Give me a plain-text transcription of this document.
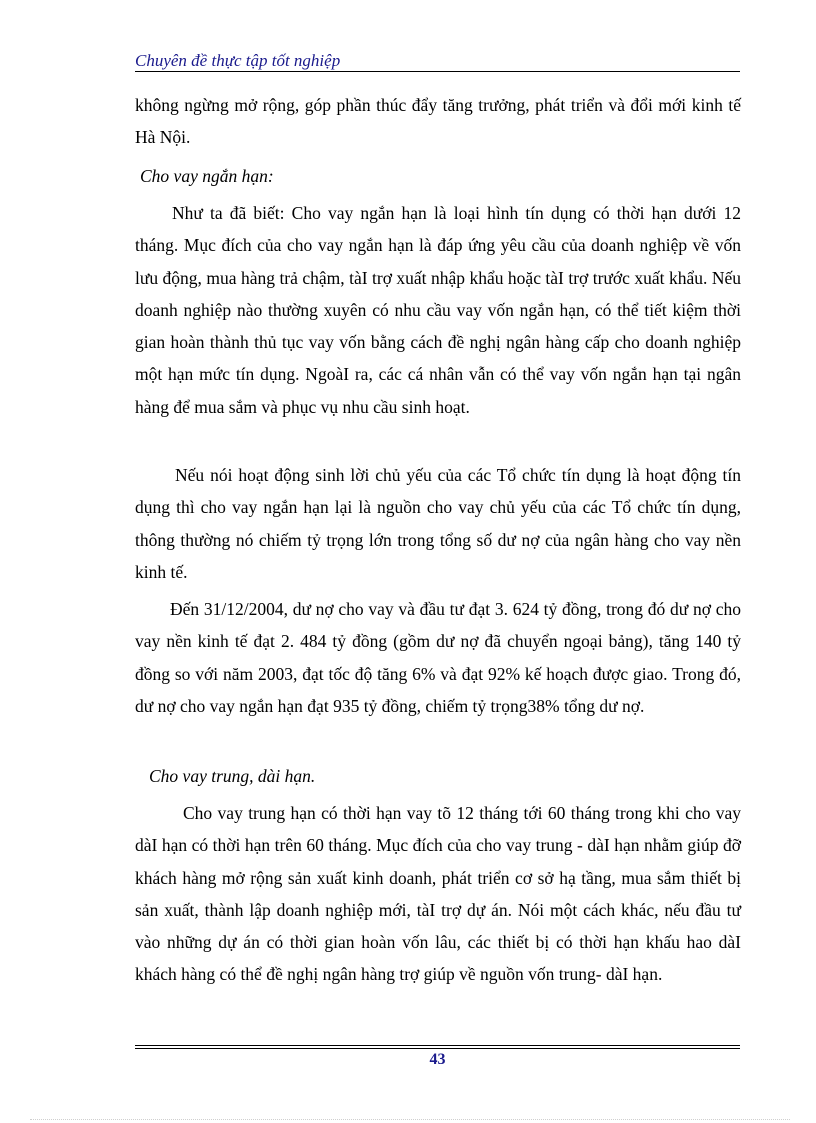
Chuyên đề thực tập tốt nghiệp

không ngừng mở rộng, góp phần thúc đẩy tăng trưởng, phát triển và đổi mới kinh tế Hà Nội.

Cho vay ngắn hạn:

Như ta đã biết: Cho vay ngắn hạn là loại hình tín dụng có thời hạn dưới 12 tháng. Mục đích của cho vay ngắn hạn là đáp ứng yêu cầu của doanh nghiệp về vốn lưu động, mua hàng trả chậm, tàI trợ xuất nhập khẩu hoặc tàI trợ trước xuất khẩu. Nếu doanh nghiệp nào thường xuyên có nhu cầu vay vốn ngắn hạn, có thể tiết kiệm thời gian hoàn thành thủ tục vay vốn bằng cách đề nghị ngân hàng cấp cho doanh nghiệp một hạn mức tín dụng. NgoàI ra, các cá nhân vẫn có thể vay vốn ngắn hạn tại ngân hàng để mua sắm và phục vụ nhu cầu sinh hoạt.

Nếu nói hoạt động sinh lời chủ yếu của các Tổ chức tín dụng là hoạt động tín dụng thì cho vay ngắn hạn lại là nguồn cho vay chủ yếu của các Tổ chức tín dụng, thông thường nó chiếm tỷ trọng lớn trong tổng số dư nợ của ngân hàng cho vay nền kinh tế.

Đến 31/12/2004, dư nợ cho vay và đầu tư đạt 3. 624 tỷ đồng, trong đó dư nợ cho vay nền kinh tế đạt 2. 484 tỷ đồng (gồm dư nợ đã chuyển ngoại bảng), tăng 140 tỷ đồng so với năm 2003, đạt tốc độ tăng 6% và đạt 92% kế hoạch được giao. Trong đó, dư nợ cho vay ngắn hạn đạt 935 tỷ đồng, chiếm tỷ trọng38% tổng dư nợ.

Cho vay trung, dài hạn.

Cho vay trung hạn có thời hạn vay tõ 12 tháng tới 60 tháng trong khi cho vay dàI hạn có thời hạn trên 60 tháng. Mục đích của cho vay trung - dàI hạn nhằm giúp đỡ khách hàng mở rộng sản xuất kinh doanh, phát triển cơ sở hạ tầng, mua sắm thiết bị sản xuất, thành lập doanh nghiệp mới, tàI trợ dự án. Nói một cách khác, nếu đầu tư vào những dự án có thời gian hoàn vốn lâu, các thiết bị có thời hạn khấu hao dàI khách hàng có thể đề nghị ngân hàng trợ giúp về nguồn vốn trung- dàI hạn.

43
